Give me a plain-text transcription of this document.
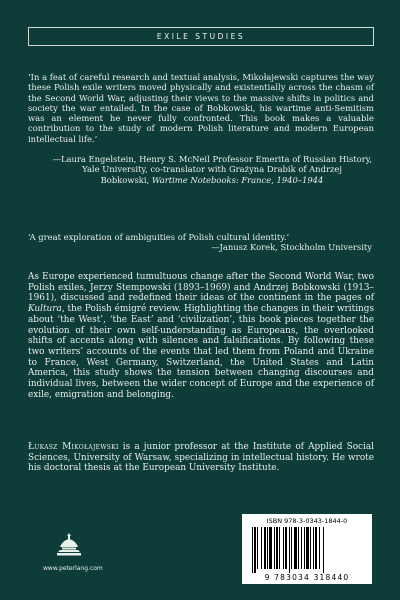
EXILE STUDIES
‘In a feat of careful research and textual analysis, Mikołajewski captures the way these Polish exile writers moved physically and existentially across the chasm of the Second World War, adjusting their views to the massive shifts in politics and society the war entailed. In the case of Bobkowski, his wartime anti-Semitism was an element he never fully confronted. This book makes a valuable contribution to the study of modern Polish literature and modern European intellectual life.’
—Laura Engelstein, Henry S. McNeil Professor Emerita of Russian History,
Yale University, co-translator with Grażyna Drabik of Andrzej
Bobkowski, Wartime Notebooks: France, 1940–1944
‘A great exploration of ambiguities of Polish cultural identity.’
—Janusz Korek, Stockholm University
As Europe experienced tumultuous change after the Second World War, two Polish exiles, Jerzy Stempowski (1893–1969) and Andrzej Bobkowski (1913–1961), discussed and redefined their ideas of the continent in the pages of Kultura, the Polish émigré review. Highlighting the changes in their writings about ‘the West’, ‘the East’ and ‘civilization’, this book pieces together the evolution of their own self-understanding as Europeans, the overlooked shifts of accents along with silences and falsifications. By following these two writers’ accounts of the events that led them from Poland and Ukraine to France, West Germany, Switzerland, the United States and Latin America, this study shows the tension between changing discourses and individual lives, between the wider concept of Europe and the experience of exile, emigration and belonging.
Łukasz Mikołajewski is a junior professor at the Institute of Applied Social Sciences, University of Warsaw, specializing in intellectual history. He wrote his doctoral thesis at the European University Institute.
www.peterlang.com
ISBN 978-3-0343-1844-0
9 783034 318440
